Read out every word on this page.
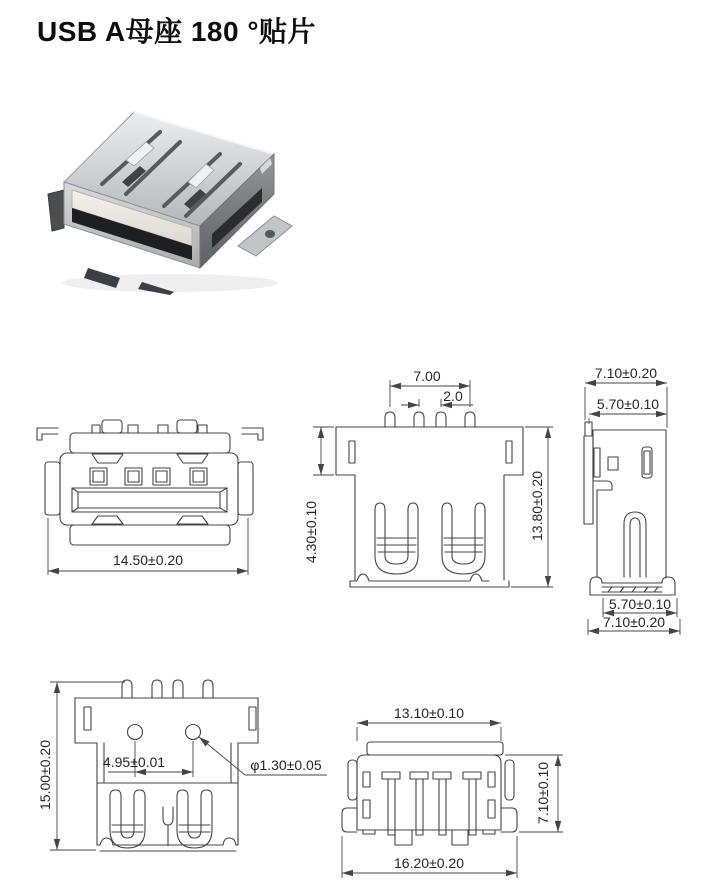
USB A母座 180 °贴片
14.50±0.20
7.00
2.0
4.30±0.10	13.80±0.20
7.10±0.20
5.70±0.10
5.70±0.10
7.10±0.20
15.00±0.20	4.95±0.01	φ1.30±0.05
13.10±0.10
7.10±0.10
16.20±0.20
